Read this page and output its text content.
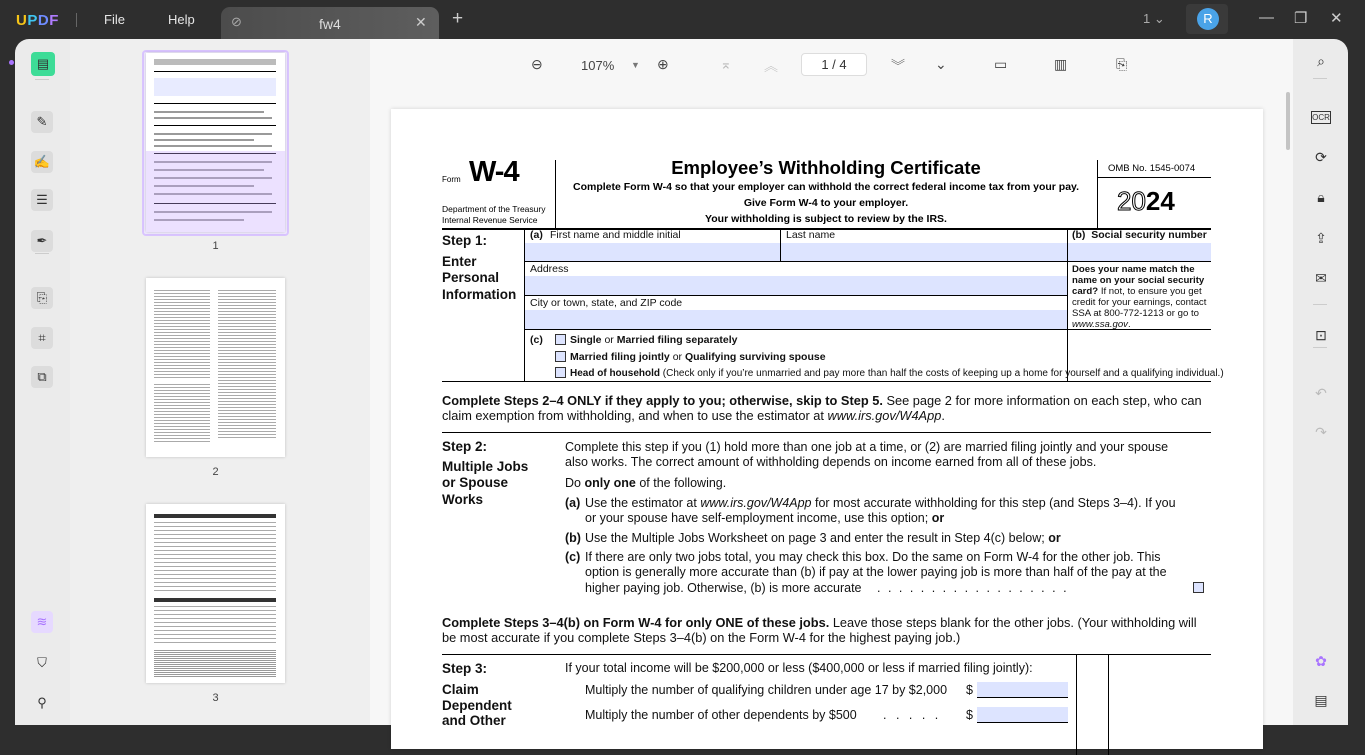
UPDF	File	Help	⊘	fw4	✕ +	1 ⌄	R	— ❐ ✕
▤
✎
✍
☰
✒
⎘
⌗
⧉
≋
⛉
⚲
1
2
3
⊖	107% ▼ ⊕	⌅ ︽	1 / 4	︾ ⌄	▭	▥	⎘
Form W-4
Department of the Treasury
Internal Revenue Service
Employee’s Withholding Certificate
Complete Form W-4 so that your employer can withhold the correct federal income tax from your pay.
Give Form W-4 to your employer.
Your withholding is subject to review by the IRS.
OMB No. 1545-0074
2024
Step 1:
Enter
Personal
Information
(a) First name and middle initial	Last name	(b) Social security number
Address
City or town, state, and ZIP code
Does your name match the name on your social security card? If not, to ensure you get credit for your earnings, contact SSA at 800-772-1213 or go to www.ssa.gov.
(c)	Single or Married filing separately
Married filing jointly or Qualifying surviving spouse
Head of household (Check only if you’re unmarried and pay more than half the costs of keeping up a home for yourself and a qualifying individual.)
Complete Steps 2–4 ONLY if they apply to you; otherwise, skip to Step 5. See page 2 for more information on each step, who can
claim exemption from withholding, and when to use the estimator at www.irs.gov/W4App.
Step 2:
Multiple Jobs
or Spouse
Works
Complete this step if you (1) hold more than one job at a time, or (2) are married filing jointly and your spouse
also works. The correct amount of withholding depends on income earned from all of these jobs.
Do only one of the following.
(a) Use the estimator at www.irs.gov/W4App for most accurate withholding for this step (and Steps 3–4). If you
or your spouse have self-employment income, use this option; or
(b) Use the Multiple Jobs Worksheet on page 3 and enter the result in Step 4(c) below; or
(c) If there are only two jobs total, you may check this box. Do the same on Form W-4 for the other job. This
option is generally more accurate than (b) if pay at the lower paying job is more than half of the pay at the
higher paying job. Otherwise, (b) is more accurate . . . . . . . . . . . . . . . . . .
Complete Steps 3–4(b) on Form W-4 for only ONE of these jobs. Leave those steps blank for the other jobs. (Your withholding will
be most accurate if you complete Steps 3–4(b) on the Form W-4 for the highest paying job.)
Step 3:
Claim
Dependent
and Other
If your total income will be $200,000 or less ($400,000 or less if married filing jointly):
Multiply the number of qualifying children under age 17 by $2,000 $
Multiply the number of other dependents by $500 . . . . . $
⌕
OCR
⟳
🔒︎
⇪
✉
⊡
↶
↷
✿
▤
